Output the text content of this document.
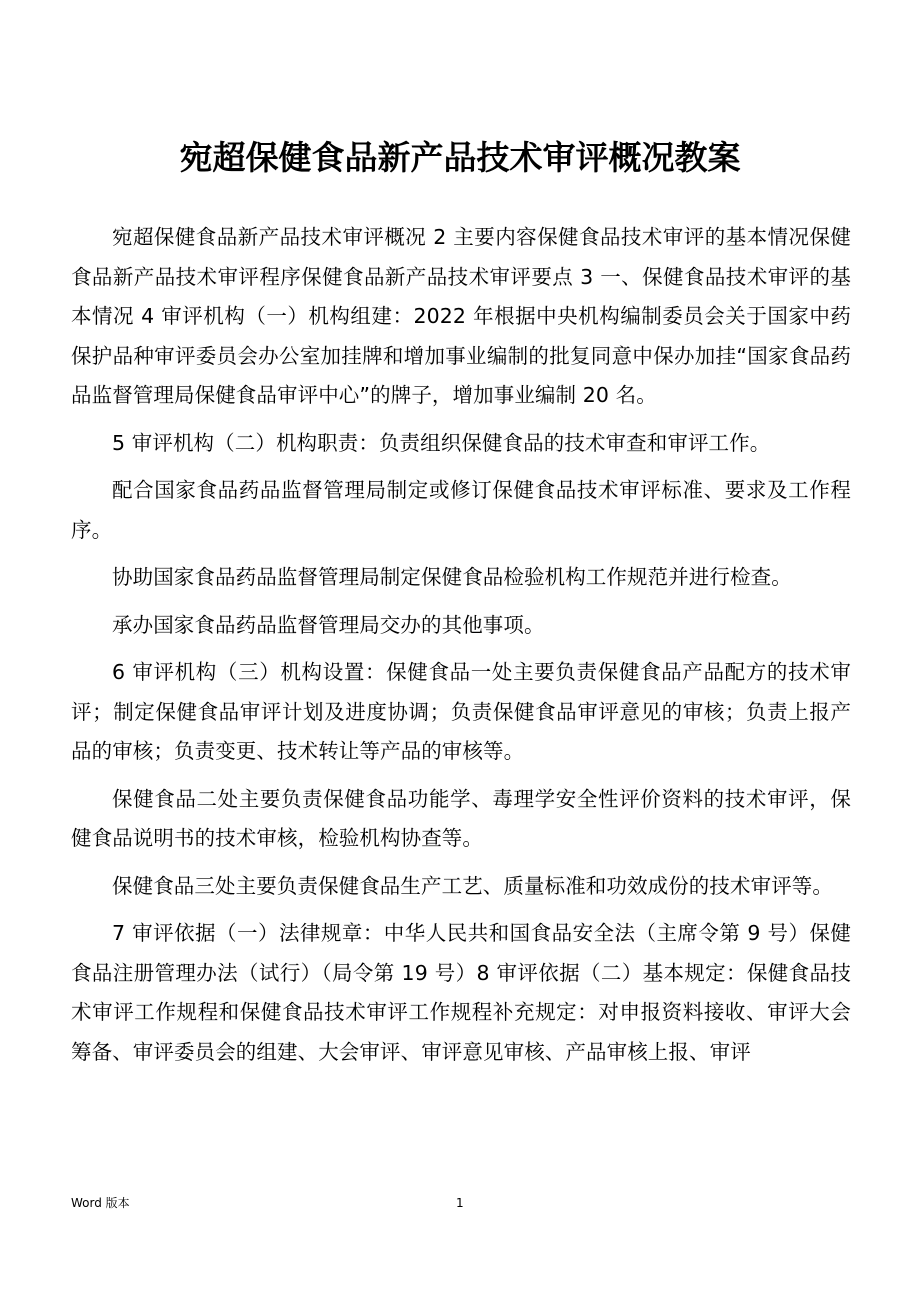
宛超保健食品新产品技术审评概况教案

宛超保健食品新产品技术审评概况 2 主要内容保健食品技术审评的基本情况保健食品新产品技术审评程序保健食品新产品技术审评要点 3 一、保健食品技术审评的基本情况 4 审评机构（一）机构组建：2022 年根据中央机构编制委员会关于国家中药保护品种审评委员会办公室加挂牌和增加事业编制的批复同意中保办加挂“国家食品药品监督管理局保健食品审评中心”的牌子，增加事业编制 20 名。

5 审评机构（二）机构职责：负责组织保健食品的技术审查和审评工作。

配合国家食品药品监督管理局制定或修订保健食品技术审评标准、要求及工作程序。

协助国家食品药品监督管理局制定保健食品检验机构工作规范并进行检查。

承办国家食品药品监督管理局交办的其他事项。

6 审评机构（三）机构设置：保健食品一处主要负责保健食品产品配方的技术审评；制定保健食品审评计划及进度协调；负责保健食品审评意见的审核；负责上报产品的审核；负责变更、技术转让等产品的审核等。

保健食品二处主要负责保健食品功能学、毒理学安全性评价资料的技术审评，保健食品说明书的技术审核，检验机构协查等。

保健食品三处主要负责保健食品生产工艺、质量标准和功效成份的技术审评等。

7 审评依据（一）法律规章：中华人民共和国食品安全法（主席令第 9 号）保健食品注册管理办法（试行）（局令第 19 号）8 审评依据（二）基本规定：保健食品技术审评工作规程和保健食品技术审评工作规程补充规定：对申报资料接收、审评大会筹备、审评委员会的组建、大会审评、审评意见审核、产品审核上报、审评

Word 版本	1
